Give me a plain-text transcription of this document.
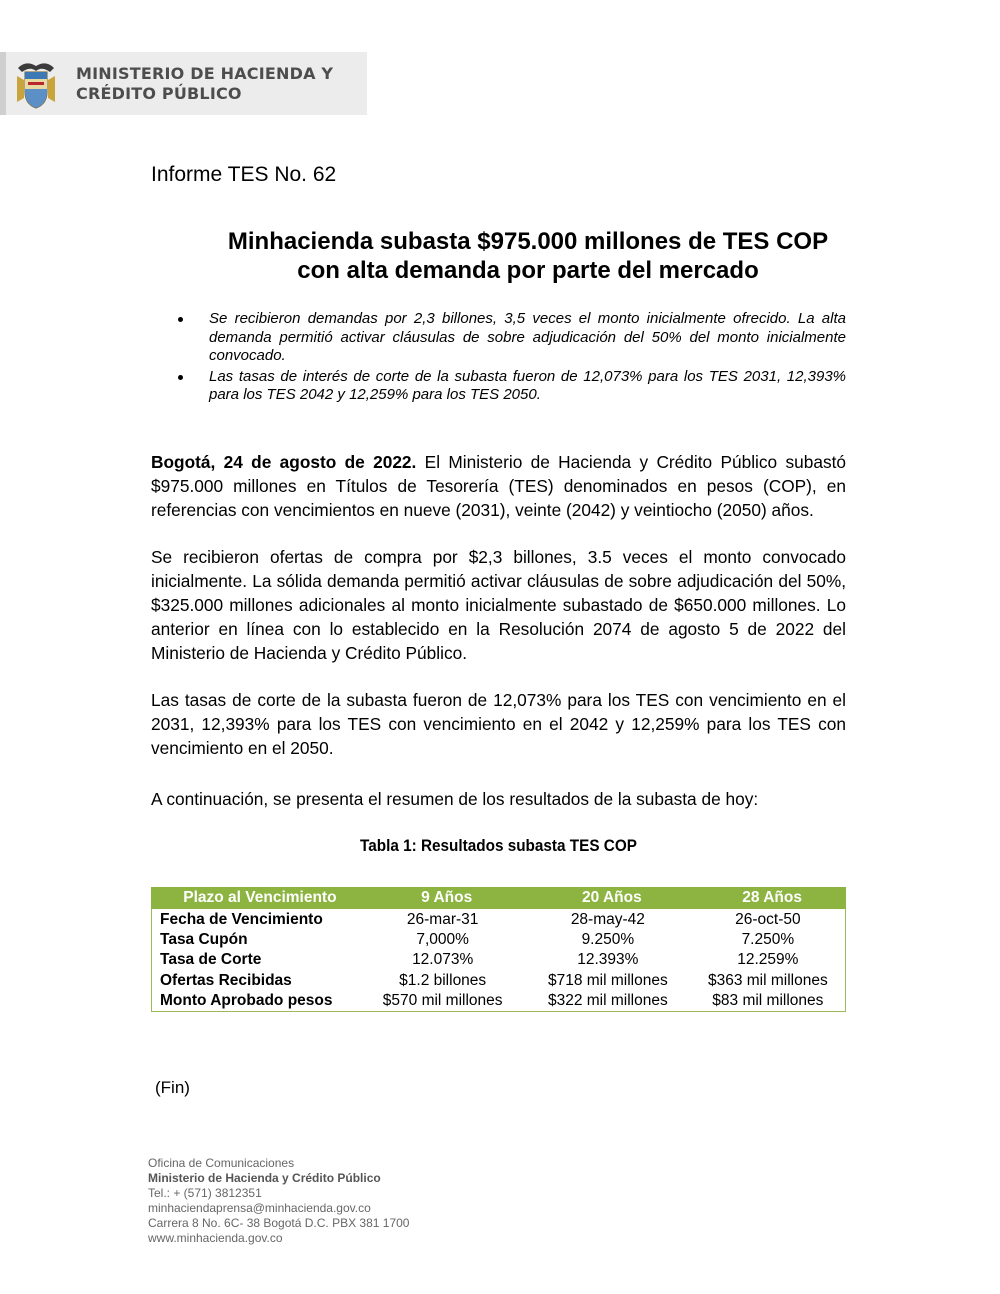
MINISTERIO DE HACIENDA Y
CRÉDITO PÚBLICO
Informe TES No. 62
Minhacienda subasta $975.000 millones de TES COP con alta demanda por parte del mercado
Se recibieron demandas por 2,3 billones, 3,5 veces el monto inicialmente ofrecido. La alta demanda permitió activar cláusulas de sobre adjudicación del 50% del monto inicialmente convocado.
Las tasas de interés de corte de la subasta fueron de 12,073% para los TES 2031, 12,393% para los TES 2042 y 12,259% para los TES 2050.

Bogotá, 24 de agosto de 2022. El Ministerio de Hacienda y Crédito Público subastó $975.000 millones en Títulos de Tesorería (TES) denominados en pesos (COP), en referencias con vencimientos en nueve (2031), veinte (2042) y veintiocho (2050) años.

Se recibieron ofertas de compra por $2,3 billones, 3.5 veces el monto convocado inicialmente. La sólida demanda permitió activar cláusulas de sobre adjudicación del 50%, $325.000 millones adicionales al monto inicialmente subastado de $650.000 millones. Lo anterior en línea con lo establecido en la Resolución 2074 de agosto 5 de 2022 del Ministerio de Hacienda y Crédito Público.

Las tasas de corte de la subasta fueron de 12,073% para los TES con vencimiento en el 2031, 12,393% para los TES con vencimiento en el 2042 y 12,259% para los TES con vencimiento en el 2050.

A continuación, se presenta el resumen de los resultados de la subasta de hoy:

Tabla 1: Resultados subasta TES COP
Plazo al Vencimiento	9 Años	20 Años	28 Años
Fecha de Vencimiento	26-mar-31	28-may-42	26-oct-50
Tasa Cupón	7,000%	9.250%	7.250%
Tasa de Corte	12.073%	12.393%	12.259%
Ofertas Recibidas	$1.2 billones	$718 mil millones	$363 mil millones
Monto Aprobado pesos	$570 mil millones	$322 mil millones	$83 mil millones
(Fin)
Oficina de Comunicaciones
Ministerio de Hacienda y Crédito Público
Tel.: + (571) 3812351
minhaciendaprensa@minhacienda.gov.co
Carrera 8 No. 6C- 38 Bogotá D.C. PBX 381 1700
www.minhacienda.gov.co
